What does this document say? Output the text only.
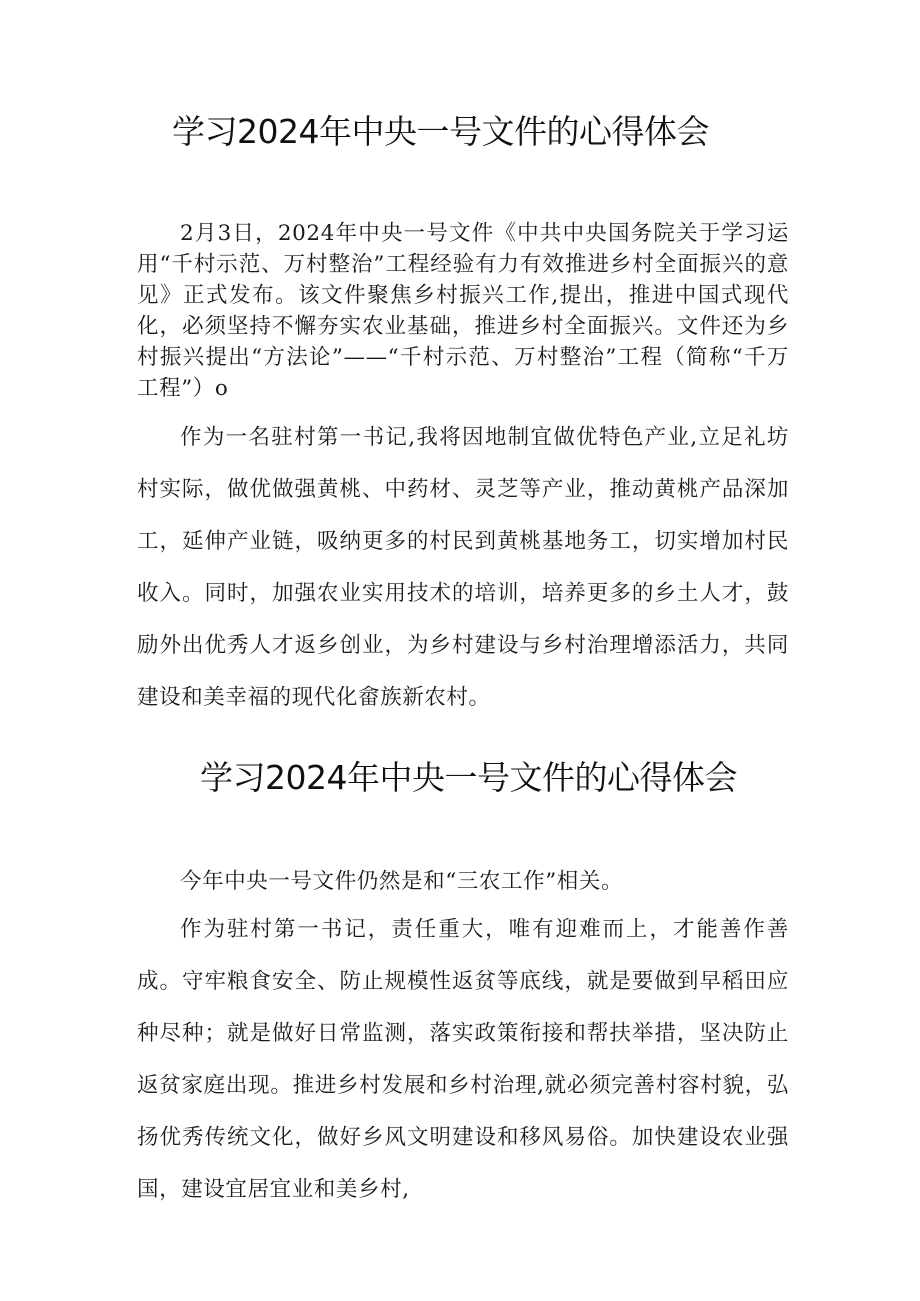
学习2024年中央一号文件的心得体会

2月3日，2024年中央一号文件《中共中央国务院关于学习运用“千村示范、万村整治”工程经验有力有效推进乡村全面振兴的意见》正式发布。该文件聚焦乡村振兴工作,提出，推进中国式现代化，必须坚持不懈夯实农业基础，推进乡村全面振兴。文件还为乡村振兴提出“方法论”——“千村示范、万村整治”工程（简称“千万工程”）o

作为一名驻村第一书记,我将因地制宜做优特色产业,立足礼坊村实际，做优做强黄桃、中药材、灵芝等产业，推动黄桃产品深加工，延伸产业链，吸纳更多的村民到黄桃基地务工，切实增加村民收入。同时，加强农业实用技术的培训，培养更多的乡土人才，鼓励外出优秀人才返乡创业，为乡村建设与乡村治理增添活力，共同建设和美幸福的现代化畲族新农村。

学习2024年中央一号文件的心得体会

今年中央一号文件仍然是和“三农工作”相关。

作为驻村第一书记，责任重大，唯有迎难而上，才能善作善成。守牢粮食安全、防止规模性返贫等底线，就是要做到早稻田应种尽种；就是做好日常监测，落实政策衔接和帮扶举措，坚决防止返贫家庭出现。推进乡村发展和乡村治理,就必须完善村容村貌，弘扬优秀传统文化，做好乡风文明建设和移风易俗。加快建设农业强国，建设宜居宜业和美乡村,
